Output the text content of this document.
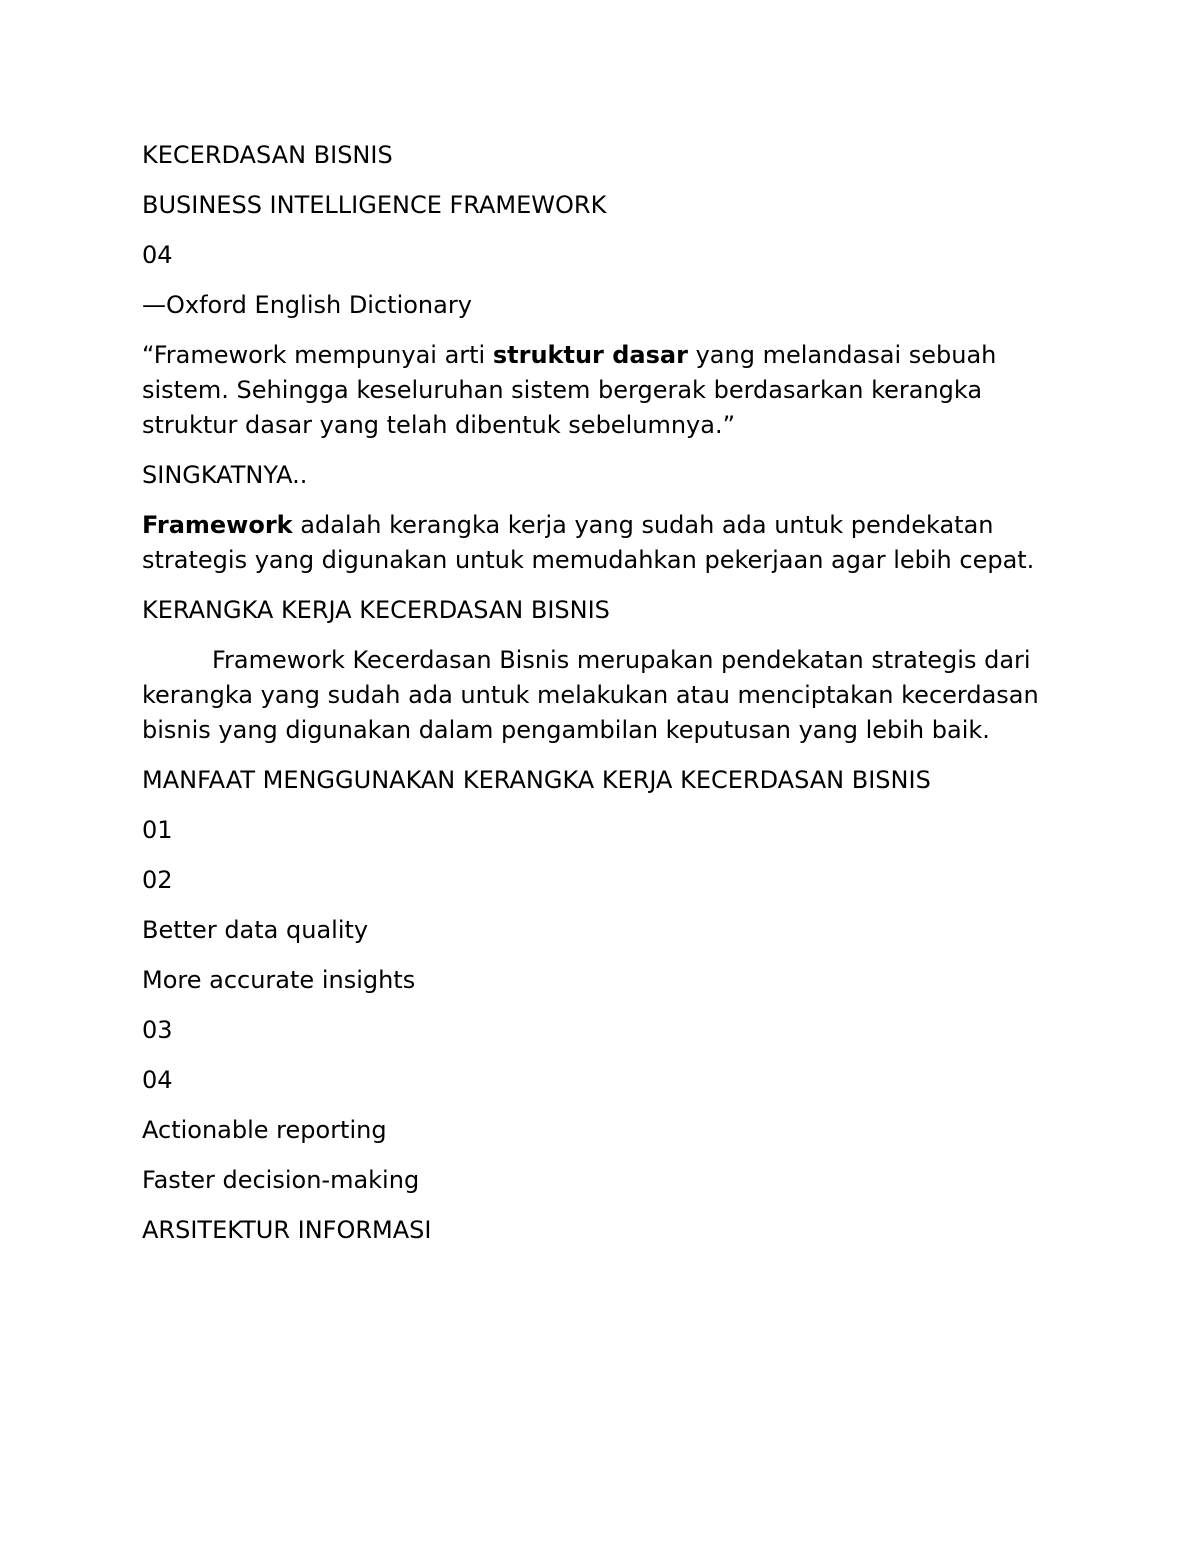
KECERDASAN BISNIS

BUSINESS INTELLIGENCE FRAMEWORK

04

—Oxford English Dictionary

“Framework mempunyai arti struktur dasar yang melandasai sebuah sistem. Sehingga keseluruhan sistem bergerak berdasarkan kerangka struktur dasar yang telah dibentuk sebelumnya.”

SINGKATNYA..

Framework adalah kerangka kerja yang sudah ada untuk pendekatan strategis yang digunakan untuk memudahkan pekerjaan agar lebih cepat.

KERANGKA KERJA KECERDASAN BISNIS

Framework Kecerdasan Bisnis merupakan pendekatan strategis dari kerangka yang sudah ada untuk melakukan atau menciptakan kecerdasan bisnis yang digunakan dalam pengambilan keputusan yang lebih baik.

MANFAAT MENGGUNAKAN KERANGKA KERJA KECERDASAN BISNIS

01

02

Better data quality

More accurate insights

03

04

Actionable reporting

Faster decision-making

ARSITEKTUR INFORMASI
